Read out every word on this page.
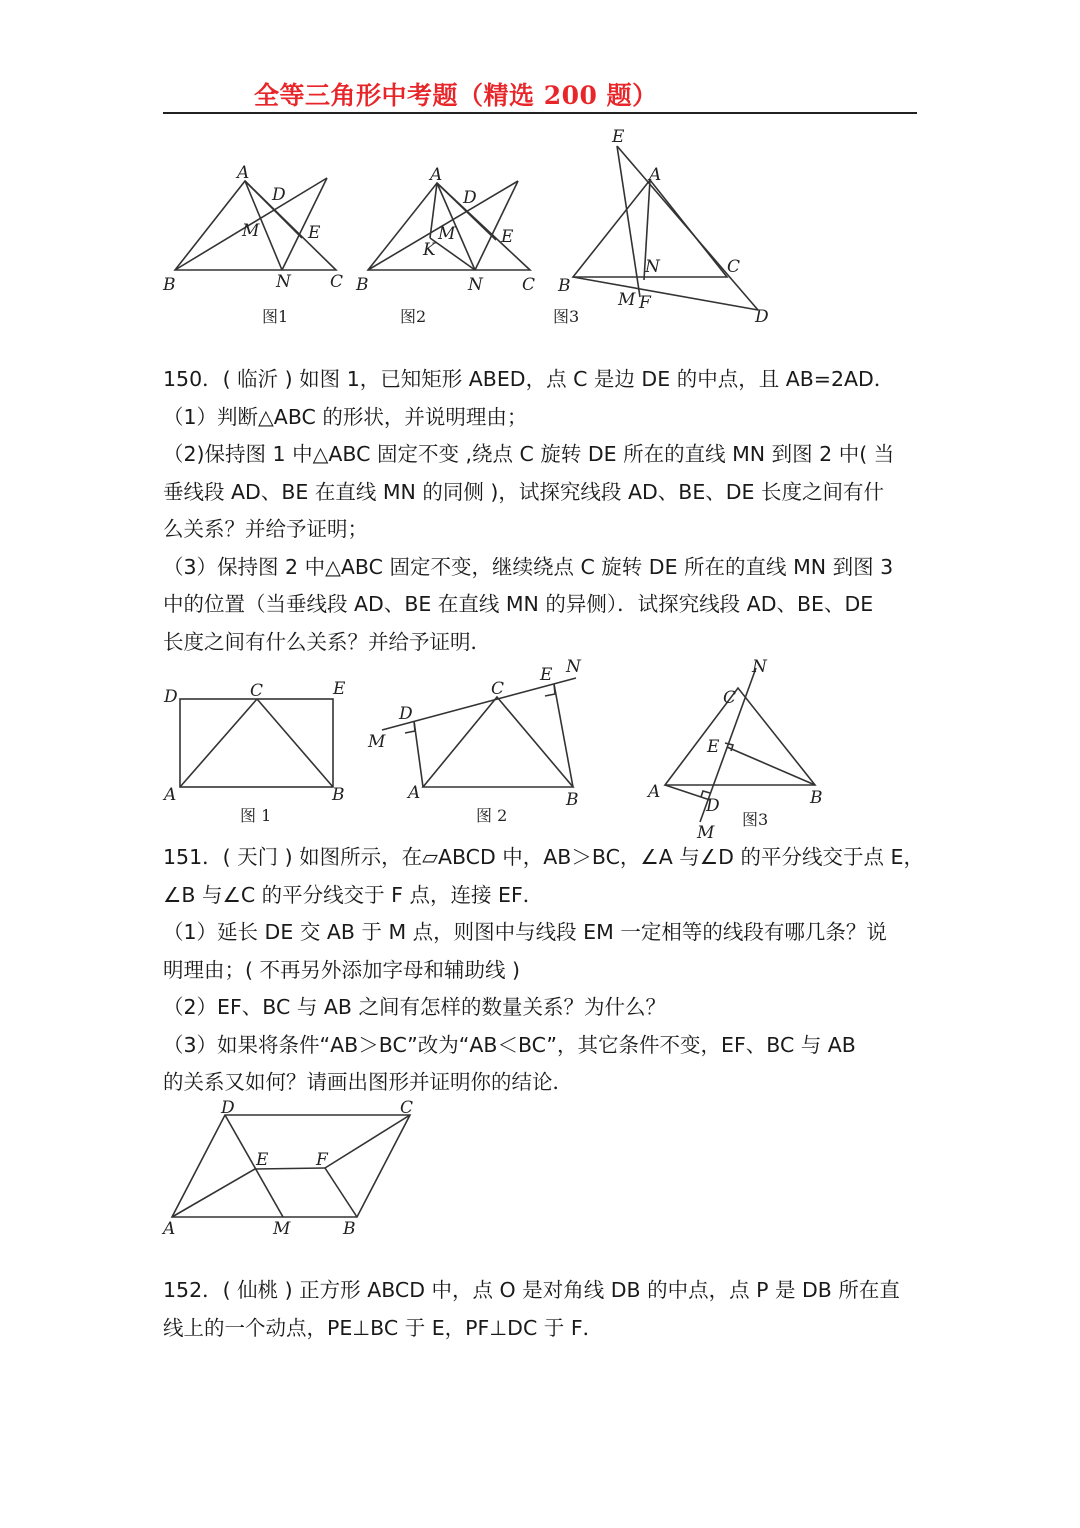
全等三角形中考题（精选 200 题）
A
D
M	E
B	N C
图1
A
D
M
K
E
B	N C
图2
E
A
N	C
B
M F
D
图3

150．( 临沂 ) 如图 1，已知矩形 ABED，点 C 是边 DE 的中点，且 AB=2AD．

（1）判断△ABC 的形状，并说明理由；

（2)保持图 1 中△ABC 固定不变 ,绕点 C 旋转 DE 所在的直线 MN 到图 2 中( 当

垂线段 AD、BE 在直线 MN 的同侧 )，试探究线段 AD、BE、DE 长度之间有什

么关系？并给予证明；

（3）保持图 2 中△ABC 固定不变，继续绕点 C 旋转 DE 所在的直线 MN 到图 3

中的位置（当垂线段 AD、BE 在直线 MN 的异侧）．试探究线段 AD、BE、DE

长度之间有什么关系？并给予证明．

D	C	E
A	B
图 1
D
C
E N
M
A	B
图 2
N
C
E
A
D	B
M
图3

151．( 天门 ) 如图所示，在▱ABCD 中，AB＞BC，∠A 与∠D 的平分线交于点 E，

∠B 与∠C 的平分线交于 F 点，连接 EF．

（1）延长 DE 交 AB 于 M 点，则图中与线段 EM 一定相等的线段有哪几条？说

明理由；( 不再另外添加字母和辅助线 )

（2）EF、BC 与 AB 之间有怎样的数量关系？为什么？

（3）如果将条件“AB＞BC”改为“AB＜BC”，其它条件不变，EF、BC 与 AB

的关系又如何？请画出图形并证明你的结论．

D	C
E	F
A	M	B

152．( 仙桃 ) 正方形 ABCD 中，点 O 是对角线 DB 的中点，点 P 是 DB 所在直

线上的一个动点，PE⊥BC 于 E，PF⊥DC 于 F．
